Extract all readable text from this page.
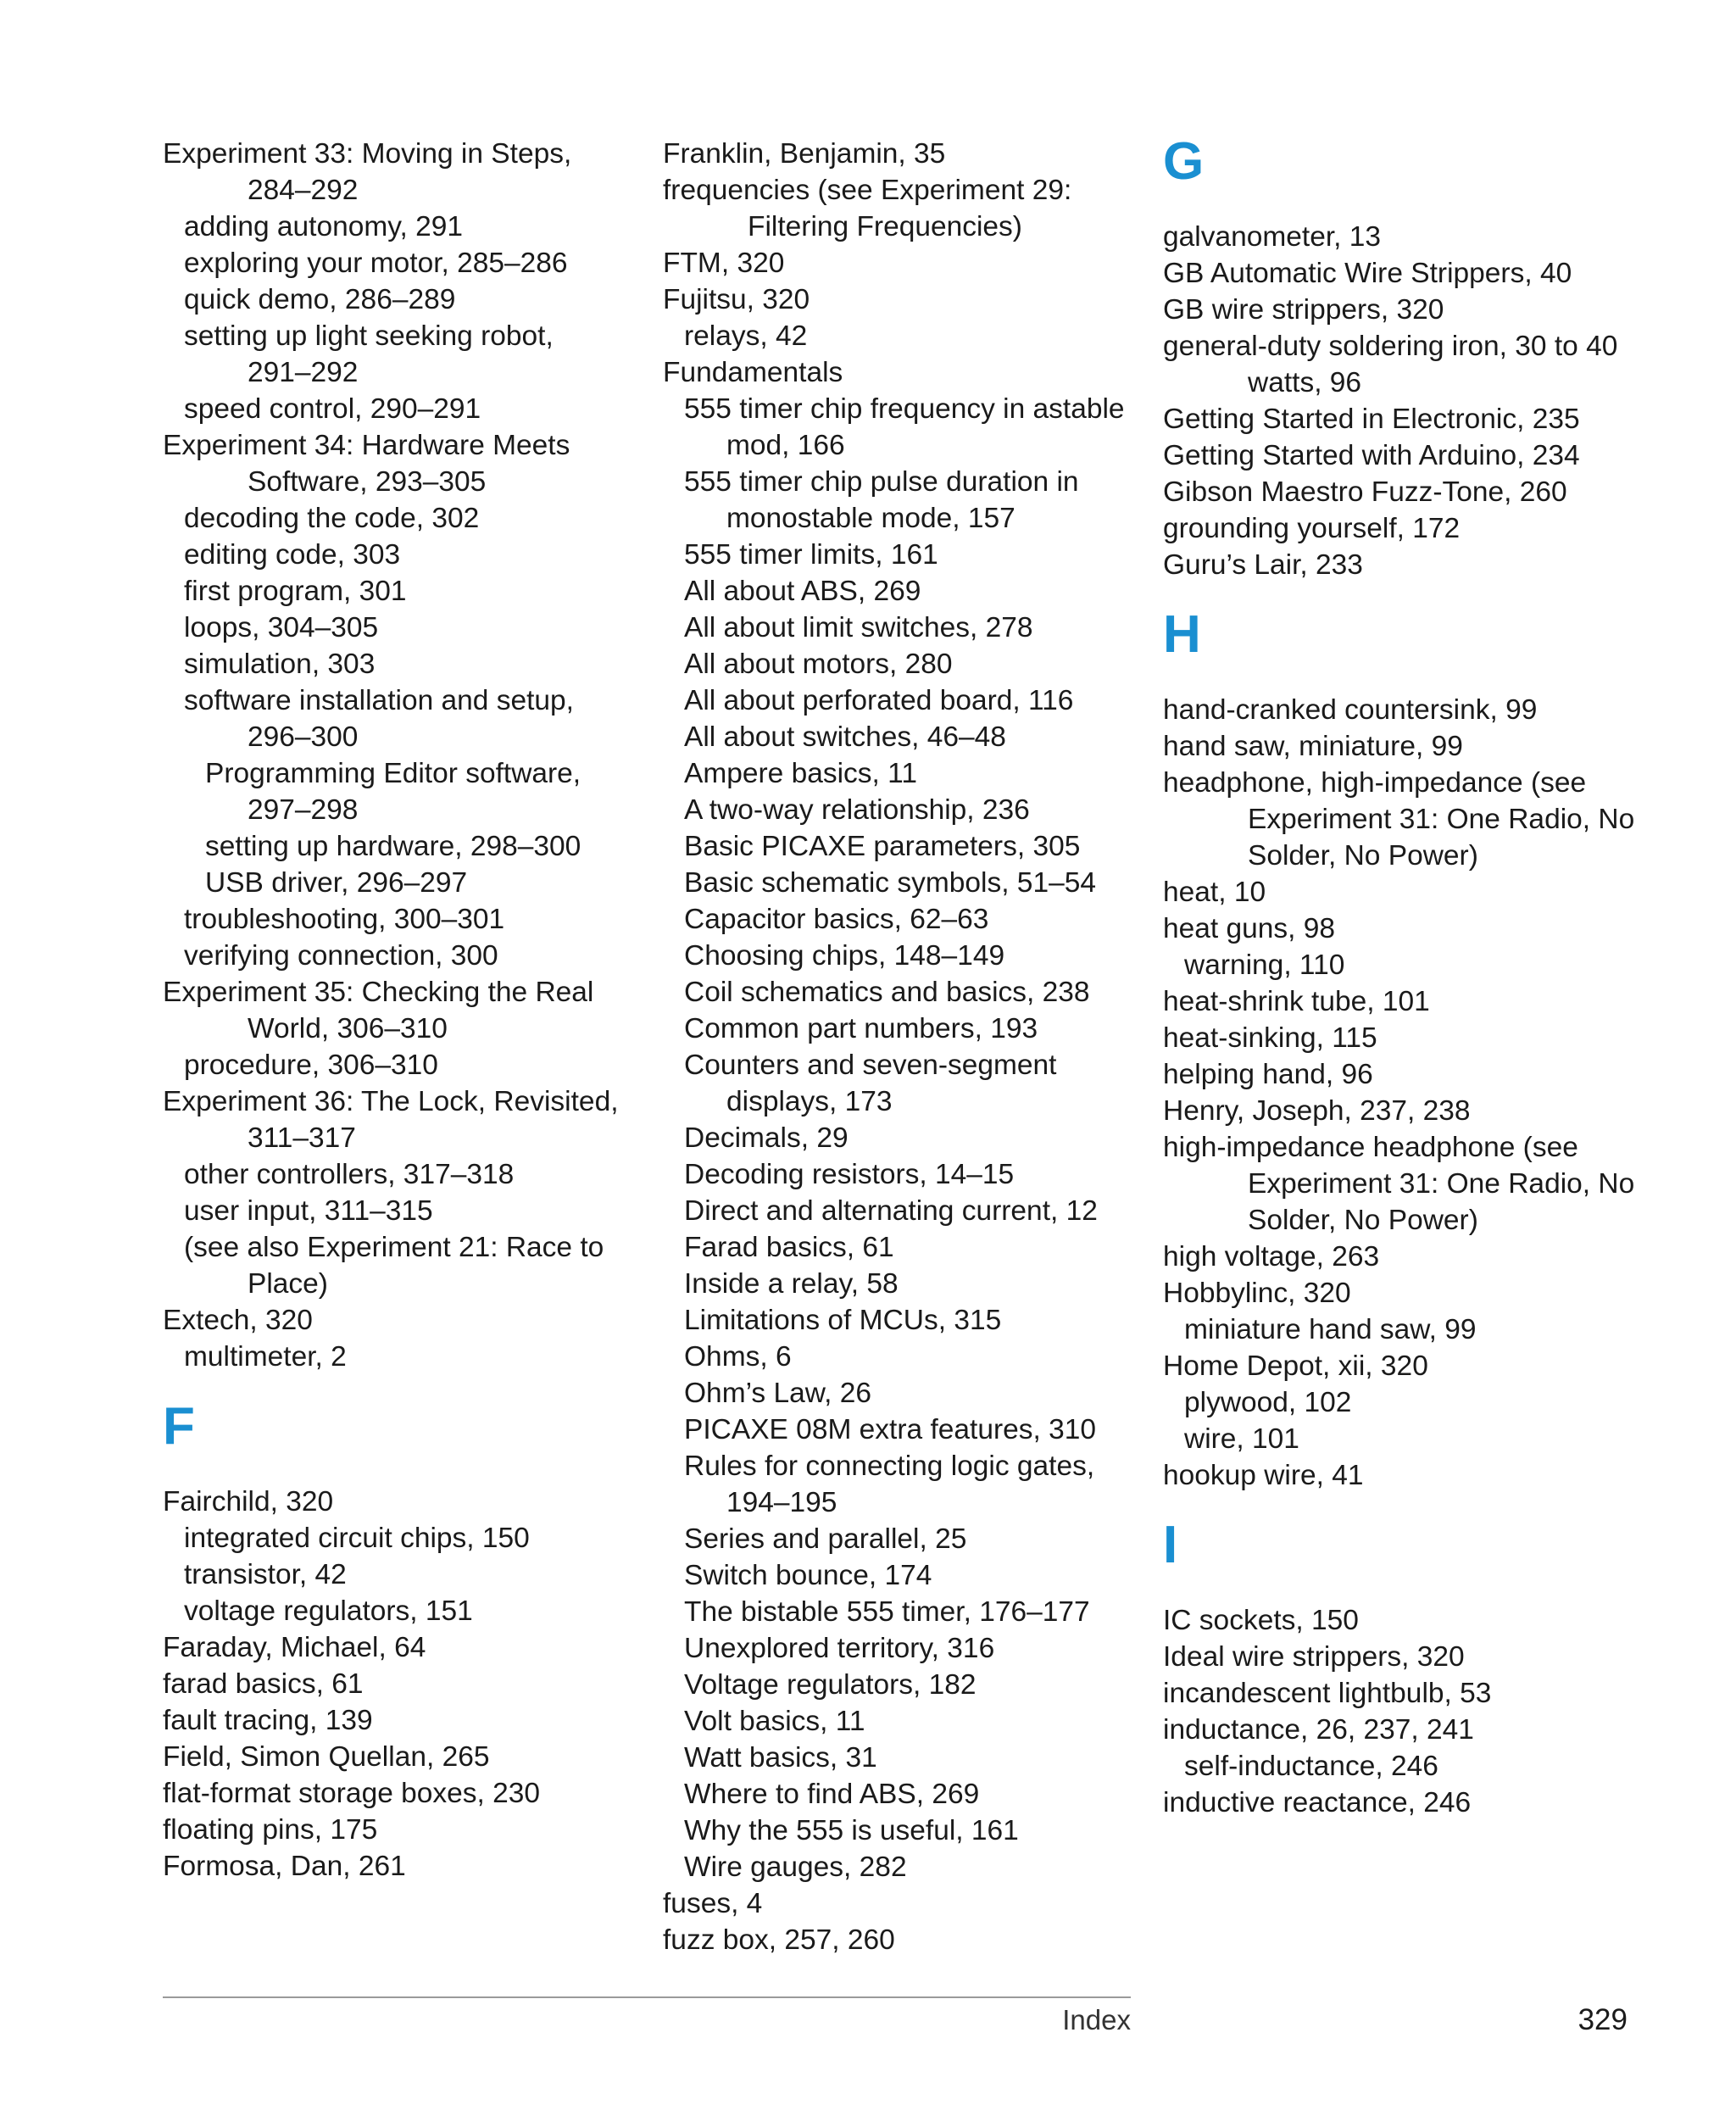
Experiment 33: Moving in Steps,
284–292
adding autonomy, 291
exploring your motor, 285–286
quick demo, 286–289
setting up light seeking robot,
291–292
speed control, 290–291
Experiment 34: Hardware Meets
Software, 293–305
decoding the code, 302
editing code, 303
first program, 301
loops, 304–305
simulation, 303
software installation and setup,
296–300
Programming Editor software,
297–298
setting up hardware, 298–300
USB driver, 296–297
troubleshooting, 300–301
verifying connection, 300
Experiment 35: Checking the Real
World, 306–310
procedure, 306–310
Experiment 36: The Lock, Revisited,
311–317
other controllers, 317–318
user input, 311–315
(see also Experiment 21: Race to
Place)
Extech, 320
multimeter, 2
F
Fairchild, 320
integrated circuit chips, 150
transistor, 42
voltage regulators, 151
Faraday, Michael, 64
farad basics, 61
fault tracing, 139
Field, Simon Quellan, 265
flat-format storage boxes, 230
floating pins, 175
Formosa, Dan, 261
Franklin, Benjamin, 35
frequencies (see Experiment 29:
Filtering Frequencies)
FTM, 320
Fujitsu, 320
relays, 42
Fundamentals
555 timer chip frequency in astable
mod, 166
555 timer chip pulse duration in
monostable mode, 157
555 timer limits, 161
All about ABS, 269
All about limit switches, 278
All about motors, 280
All about perforated board, 116
All about switches, 46–48
Ampere basics, 11
A two-way relationship, 236
Basic PICAXE parameters, 305
Basic schematic symbols, 51–54
Capacitor basics, 62–63
Choosing chips, 148–149
Coil schematics and basics, 238
Common part numbers, 193
Counters and seven-segment
displays, 173
Decimals, 29
Decoding resistors, 14–15
Direct and alternating current, 12
Farad basics, 61
Inside a relay, 58
Limitations of MCUs, 315
Ohms, 6
Ohm’s Law, 26
PICAXE 08M extra features, 310
Rules for connecting logic gates,
194–195
Series and parallel, 25
Switch bounce, 174
The bistable 555 timer, 176–177
Unexplored territory, 316
Voltage regulators, 182
Volt basics, 11
Watt basics, 31
Where to find ABS, 269
Why the 555 is useful, 161
Wire gauges, 282
fuses, 4
fuzz box, 257, 260
G
galvanometer, 13
GB Automatic Wire Strippers, 40
GB wire strippers, 320
general-duty soldering iron, 30 to 40
watts, 96
Getting Started in Electronic, 235
Getting Started with Arduino, 234
Gibson Maestro Fuzz-Tone, 260
grounding yourself, 172
Guru’s Lair, 233
H
hand-cranked countersink, 99
hand saw, miniature, 99
headphone, high-impedance (see
Experiment 31: One Radio, No
Solder, No Power)
heat, 10
heat guns, 98
warning, 110
heat-shrink tube, 101
heat-sinking, 115
helping hand, 96
Henry, Joseph, 237, 238
high-impedance headphone (see
Experiment 31: One Radio, No
Solder, No Power)
high voltage, 263
Hobbylinc, 320
miniature hand saw, 99
Home Depot, xii, 320
plywood, 102
wire, 101
hookup wire, 41
I
IC sockets, 150
Ideal wire strippers, 320
incandescent lightbulb, 53
inductance, 26, 237, 241
self-inductance, 246
inductive reactance, 246
Index	329
